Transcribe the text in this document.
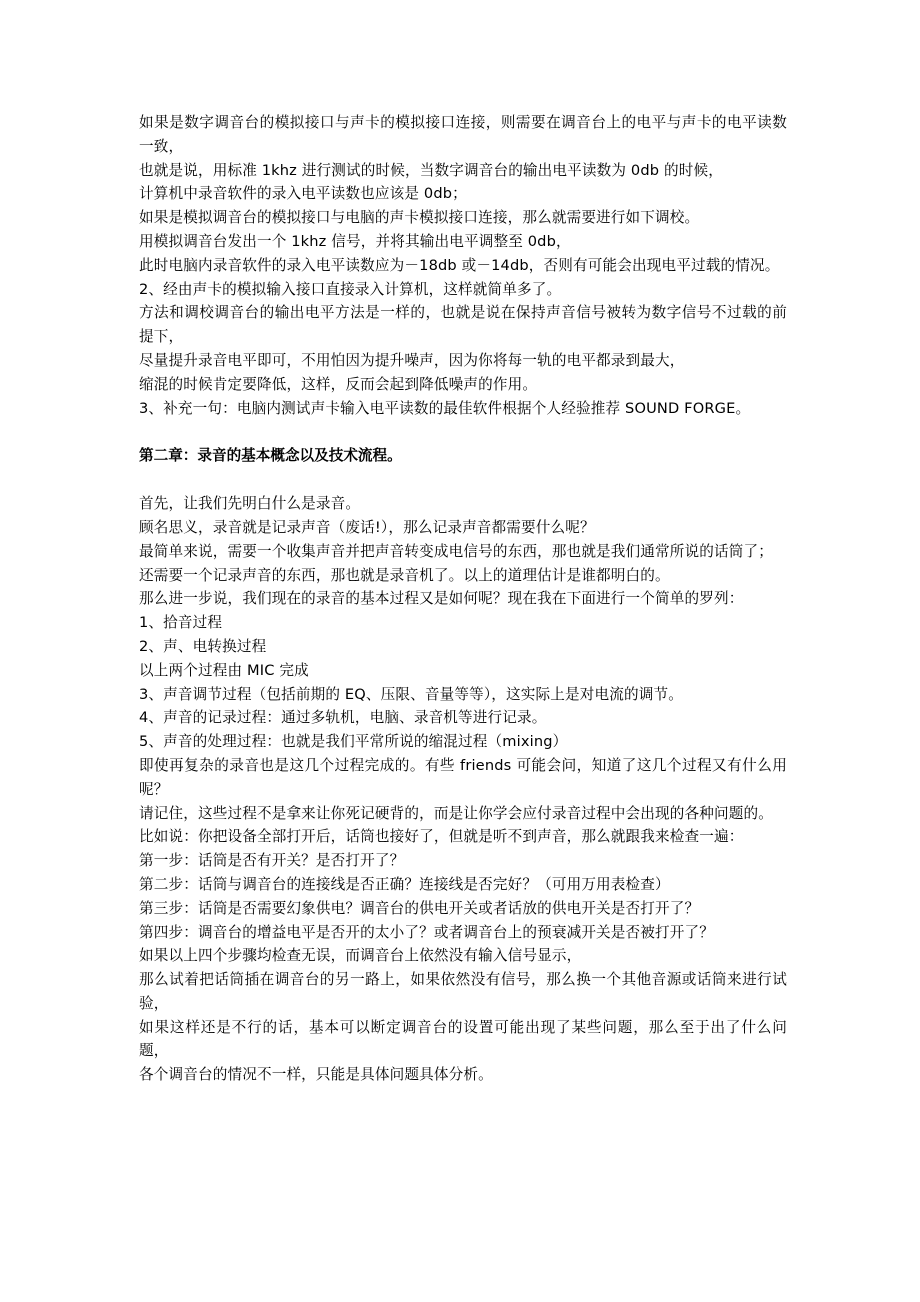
如果是数字调音台的模拟接口与声卡的模拟接口连接，则需要在调音台上的电平与声卡的电平读数一致，
也就是说，用标准 1khz 进行测试的时候，当数字调音台的输出电平读数为 0db 的时候，
计算机中录音软件的录入电平读数也应该是 0db；
如果是模拟调音台的模拟接口与电脑的声卡模拟接口连接，那么就需要进行如下调校。
用模拟调音台发出一个 1khz 信号，并将其输出电平调整至 0db，
此时电脑内录音软件的录入电平读数应为－18db 或－14db，否则有可能会出现电平过载的情况。
2、经由声卡的模拟输入接口直接录入计算机，这样就简单多了。
方法和调校调音台的输出电平方法是一样的，也就是说在保持声音信号被转为数字信号不过载的前提下，
尽量提升录音电平即可，不用怕因为提升噪声，因为你将每一轨的电平都录到最大，
缩混的时候肯定要降低，这样，反而会起到降低噪声的作用。
3、补充一句：电脑内测试声卡输入电平读数的最佳软件根据个人经验推荐 SOUND FORGE。
第二章：录音的基本概念以及技术流程。
首先，让我们先明白什么是录音。
顾名思义，录音就是记录声音（废话!），那么记录声音都需要什么呢？
最简单来说，需要一个收集声音并把声音转变成电信号的东西，那也就是我们通常所说的话筒了；
还需要一个记录声音的东西，那也就是录音机了。以上的道理估计是谁都明白的。
那么进一步说，我们现在的录音的基本过程又是如何呢？现在我在下面进行一个简单的罗列：
1、拾音过程
2、声、电转换过程
以上两个过程由 MIC 完成
3、声音调节过程（包括前期的 EQ、压限、音量等等），这实际上是对电流的调节。
4、声音的记录过程：通过多轨机，电脑、录音机等进行记录。
5、声音的处理过程：也就是我们平常所说的缩混过程（mixing）
即使再复杂的录音也是这几个过程完成的。有些 friends 可能会问，知道了这几个过程又有什么用呢？
请记住，这些过程不是拿来让你死记硬背的，而是让你学会应付录音过程中会出现的各种问题的。
比如说：你把设备全部打开后，话筒也接好了，但就是听不到声音，那么就跟我来检查一遍：
第一步：话筒是否有开关？是否打开了？
第二步：话筒与调音台的连接线是否正确？连接线是否完好？（可用万用表检查）
第三步：话筒是否需要幻象供电？调音台的供电开关或者话放的供电开关是否打开了？
第四步：调音台的增益电平是否开的太小了？或者调音台上的预衰减开关是否被打开了？
如果以上四个步骤均检查无误，而调音台上依然没有输入信号显示，
那么试着把话筒插在调音台的另一路上，如果依然没有信号，那么换一个其他音源或话筒来进行试验，
如果这样还是不行的话，基本可以断定调音台的设置可能出现了某些问题，那么至于出了什么问题，
各个调音台的情况不一样，只能是具体问题具体分析。
